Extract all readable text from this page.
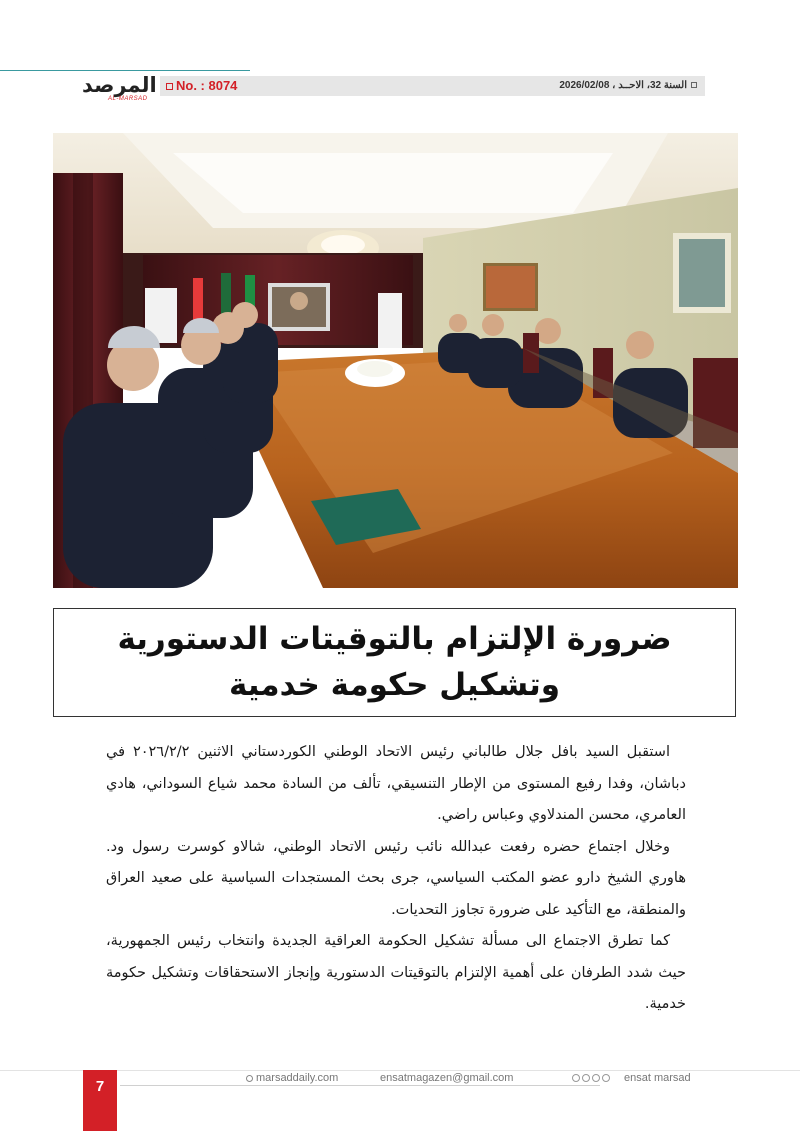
المرصد
AL-MARSAD
No. : 8074	السنة 32، الاحــد ، 2026/02/08

ضرورة الإلتزام بالتوقيتات الدستورية

وتشكيل حكومة خدمية

استقبل السيد بافل جلال طالباني رئيس الاتحاد الوطني الكوردستاني الاثنين ٢٠٢٦/٢/٢ في دباشان، وفدا رفيع المستوى من الإطار التنسيقي، تألف من السادة محمد شياع السوداني، هادي العامري، محسن المندلاوي وعباس راضي.

وخلال اجتماع حضره رفعت عبدالله نائب رئيس الاتحاد الوطني، شالاو كوسرت رسول ود. هاوري الشيخ دارو عضو المكتب السياسي، جرى بحث المستجدات السياسية على صعيد العراق والمنطقة، مع التأكيد على ضرورة تجاوز التحديات.

كما تطرق الاجتماع الى مسألة تشكيل الحكومة العراقية الجديدة وانتخاب رئيس الجمهورية، حيث شدد الطرفان على أهمية الإلتزام بالتوقيتات الدستورية وإنجاز الاستحقاقات وتشكيل حكومة خدمية.

7	marsaddaily.com	ensatmagazen@gmail.com	ensat marsad
